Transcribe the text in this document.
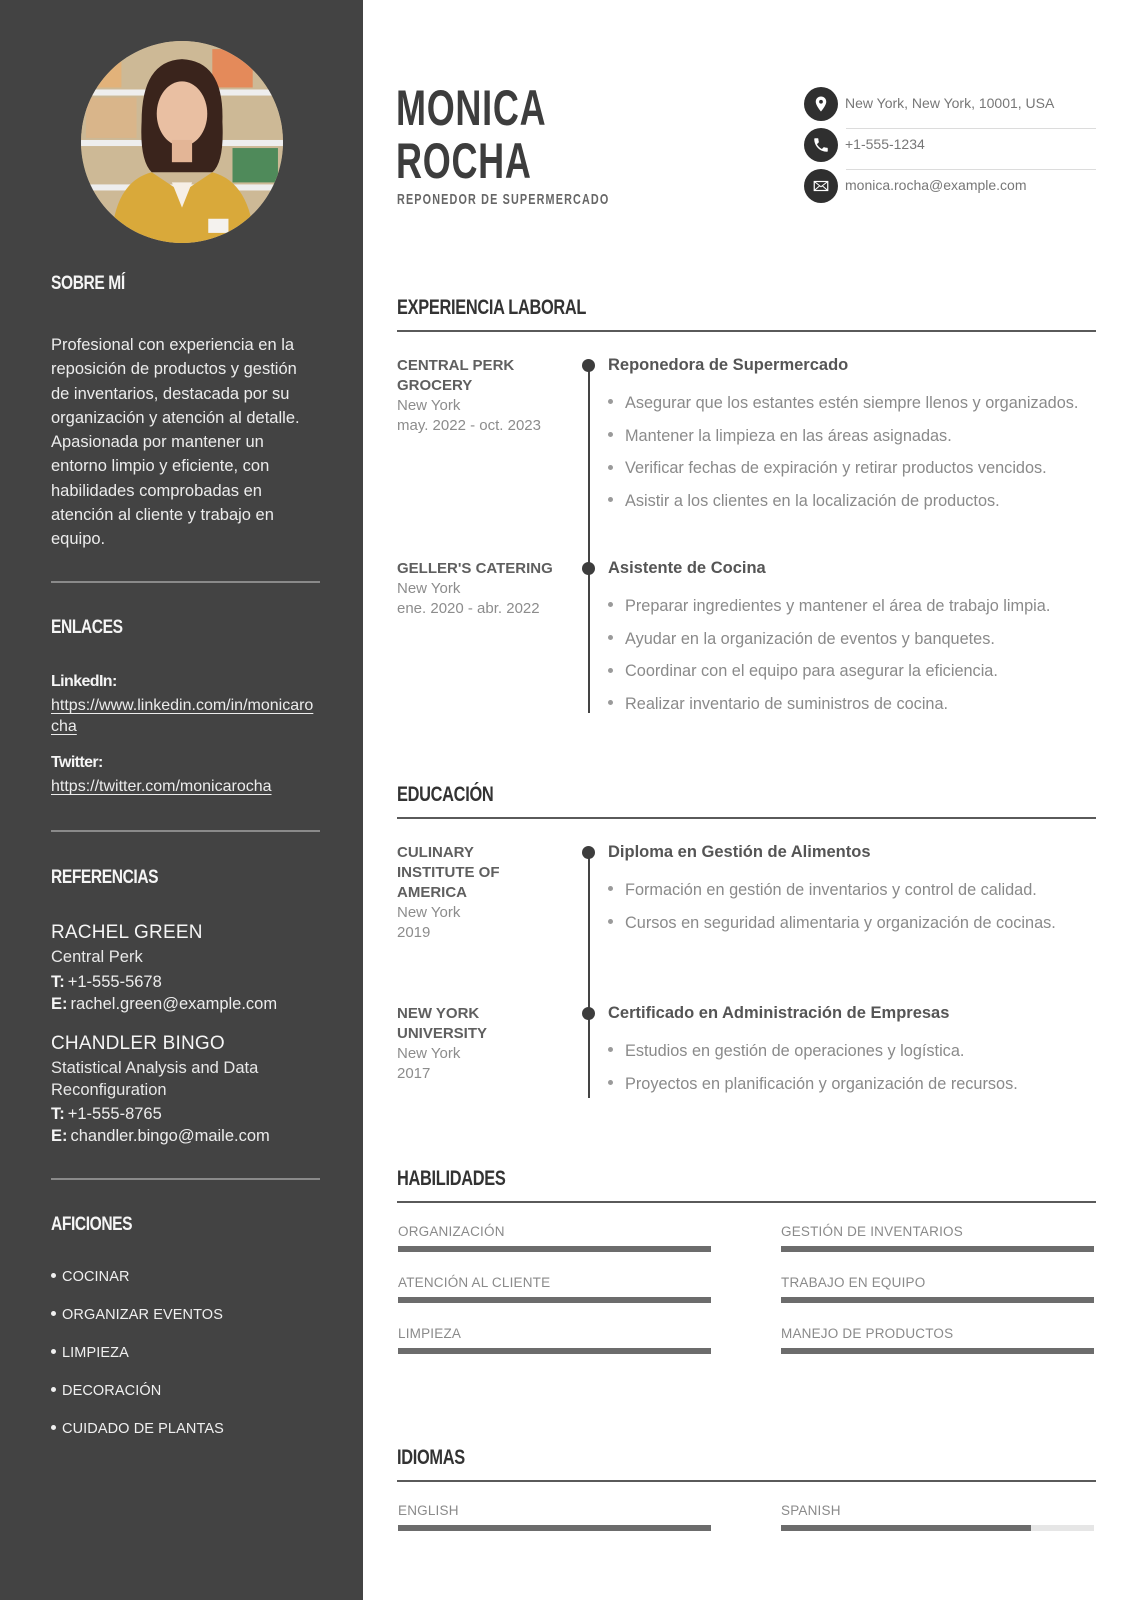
SOBRE MÍ

Profesional con experiencia en la reposición de productos y gestión de inventarios, destacada por su organización y atención al detalle. Apasionada por mantener un entorno limpio y eficiente, con habilidades comprobadas en atención al cliente y trabajo en equipo.

ENLACES
LinkedIn:
https://www.linkedin.com/in/monicarocha
Twitter:
https://twitter.com/monicarocha
REFERENCIAS
RACHEL GREEN
Central Perk
T: +1-555-5678
E: rachel.green@example.com
CHANDLER BINGO
Statistical Analysis and Data Reconfiguration
T: +1-555-8765
E: chandler.bingo@maile.com
AFICIONES
COCINAR
ORGANIZAR EVENTOS
LIMPIEZA
DECORACIÓN
CUIDADO DE PLANTAS
MONICA
ROCHA
REPONEDOR DE SUPERMERCADO
New York, New York, 10001, USA
+1-555-1234
monica.rocha@example.com
EXPERIENCIA LABORAL
CENTRAL PERK GROCERY
New York
may. 2022 - oct. 2023
Reponedora de Supermercado
Asegurar que los estantes estén siempre llenos y organizados.
Mantener la limpieza en las áreas asignadas.
Verificar fechas de expiración y retirar productos vencidos.
Asistir a los clientes en la localización de productos.
GELLER'S CATERING
New York
ene. 2020 - abr. 2022
Asistente de Cocina
Preparar ingredientes y mantener el área de trabajo limpia.
Ayudar en la organización de eventos y banquetes.
Coordinar con el equipo para asegurar la eficiencia.
Realizar inventario de suministros de cocina.
EDUCACIÓN
CULINARY INSTITUTE OF AMERICA
New York
2019
Diploma en Gestión de Alimentos
Formación en gestión de inventarios y control de calidad.
Cursos en seguridad alimentaria y organización de cocinas.
NEW YORK UNIVERSITY
New York
2017
Certificado en Administración de Empresas
Estudios en gestión de operaciones y logística.
Proyectos en planificación y organización de recursos.
HABILIDADES
ORGANIZACIÓN	GESTIÓN DE INVENTARIOS
ATENCIÓN AL CLIENTE	TRABAJO EN EQUIPO
LIMPIEZA	MANEJO DE PRODUCTOS
IDIOMAS
ENGLISH	SPANISH
